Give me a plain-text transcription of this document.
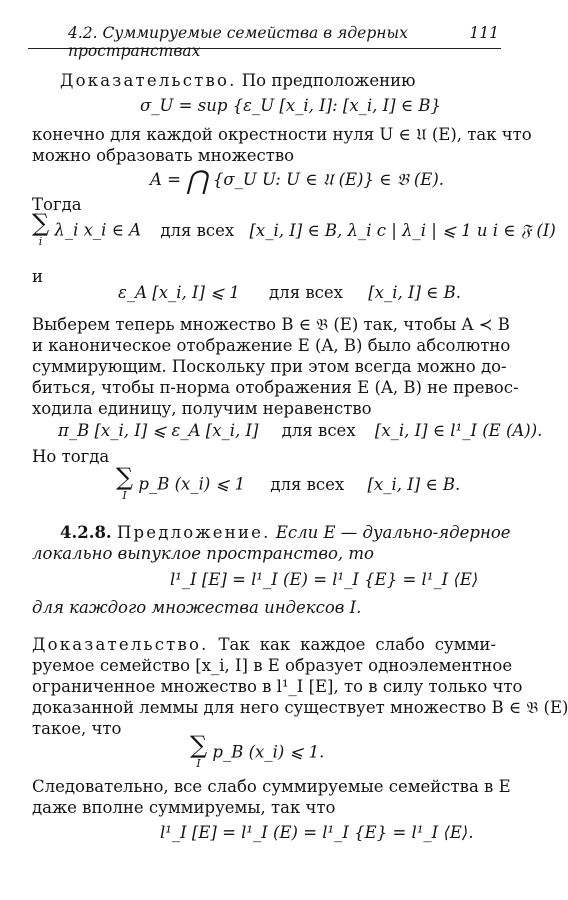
4.2. Суммируемые семейства в ядерных пространствах
111
Доказательство. По предположению
σ_U = sup {ε_U [x_i, I]: [x_i, I] ∈ B}
конечно для каждой окрестности нуля U ∈ 𝔘 (E), так что
можно образовать множество
A = ⋂ {σ_U U: U ∈ 𝔘 (E)} ∈ 𝔅 (E).
Тогда
∑
i
λ_i x_i ∈ A для всех [x_i, I] ∈ B, λ_i с | λ_i | ⩽ 1 и i ∈ 𝔉 (I)
и
ε_A [x_i, I] ⩽ 1 для всех [x_i, I] ∈ B.
Выберем теперь множество B ∈ 𝔅 (E) так, чтобы A ≺ B
и каноническое отображение E (A, B) было абсолютно
суммирующим. Поскольку при этом всегда можно до-
биться, чтобы π-норма отображения E (A, B) не превос-
ходила единицу, получим неравенство
π_B [x_i, I] ⩽ ε_A [x_i, I] для всех [x_i, I] ∈ l¹_I (E (A)).
Но тогда
∑
I
p_B (x_i) ⩽ 1 для всех [x_i, I] ∈ B.
4.2.8. Предложение. Если E — дуально-ядерное
локально выпуклое пространство, то
l¹_I [E] = l¹_I (E) = l¹_I {E} = l¹_I ⟨E⟩
для каждого множества индексов I.
Доказательство. Так как каждое слабо сумми-
руемое семейство [x_i, I] в E образует одноэлементное
ограниченное множество в l¹_I [E], то в силу только что
доказанной леммы для него существует множество B ∈ 𝔅 (E)
такое, что
∑
I
p_B (x_i) ⩽ 1.
Следовательно, все слабо суммируемые семейства в E
даже вполне суммируемы, так что
l¹_I [E] = l¹_I (E) = l¹_I {E} = l¹_I ⟨E⟩.
